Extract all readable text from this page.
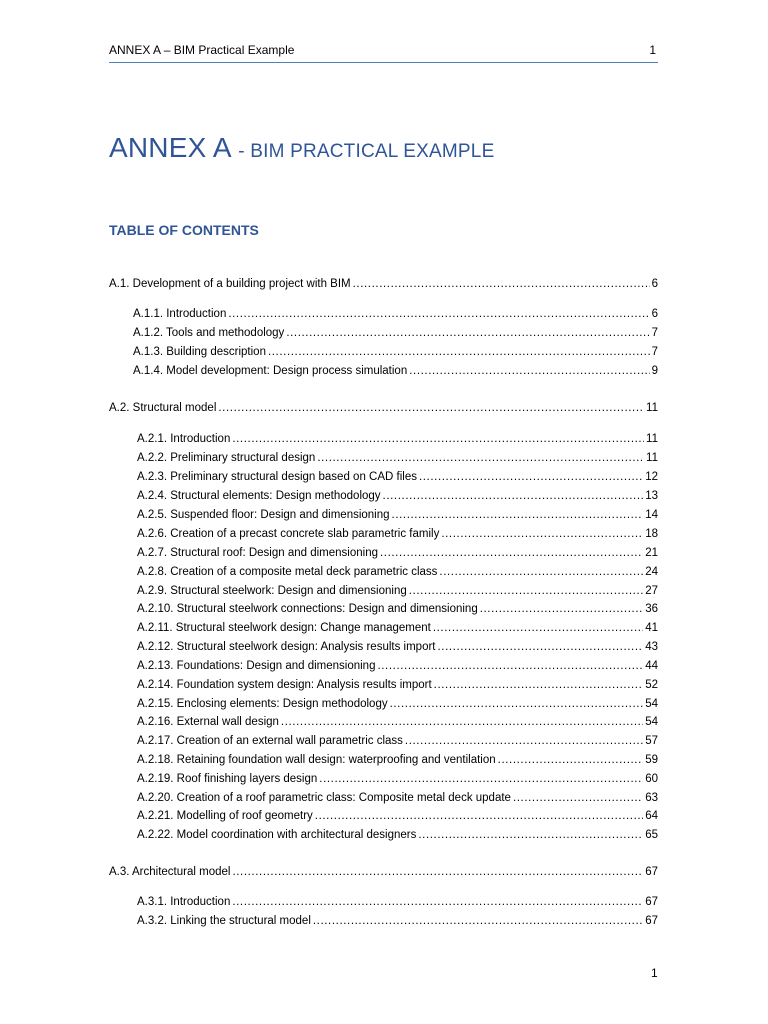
ANNEX A – BIM Practical Example	1
ANNEX A - BIM PRACTICAL EXAMPLE
TABLE OF CONTENTS
A.1. Development of a building project with BIM .....	6
A.1.1. Introduction .....	6
A.1.2. Tools and methodology .....	7
A.1.3. Building description .....	7
A.1.4. Model development: Design process simulation .....	9
A.2. Structural model .....	11
A.2.1. Introduction .....	11
A.2.2. Preliminary structural design .....	11
A.2.3. Preliminary structural design based on CAD files .....	12
A.2.4. Structural elements: Design methodology .....	13
A.2.5. Suspended floor: Design and dimensioning .....	14
A.2.6. Creation of a precast concrete slab parametric family .....	18
A.2.7. Structural roof: Design and dimensioning .....	21
A.2.8. Creation of a composite metal deck parametric class .....	24
A.2.9. Structural steelwork: Design and dimensioning .....	27
A.2.10. Structural steelwork connections: Design and dimensioning .....	36
A.2.11. Structural steelwork design: Change management .....	41
A.2.12. Structural steelwork design: Analysis results import .....	43
A.2.13. Foundations: Design and dimensioning .....	44
A.2.14. Foundation system design: Analysis results import .....	52
A.2.15. Enclosing elements: Design methodology .....	54
A.2.16. External wall design .....	54
A.2.17. Creation of an external wall parametric class .....	57
A.2.18. Retaining foundation wall design: waterproofing and ventilation .....	59
A.2.19. Roof finishing layers design .....	60
A.2.20. Creation of a roof parametric class: Composite metal deck update .....	63
A.2.21. Modelling of roof geometry .....	64
A.2.22. Model coordination with architectural designers .....	65
A.3. Architectural model .....	67
A.3.1. Introduction .....	67
A.3.2. Linking the structural model .....	67
1
